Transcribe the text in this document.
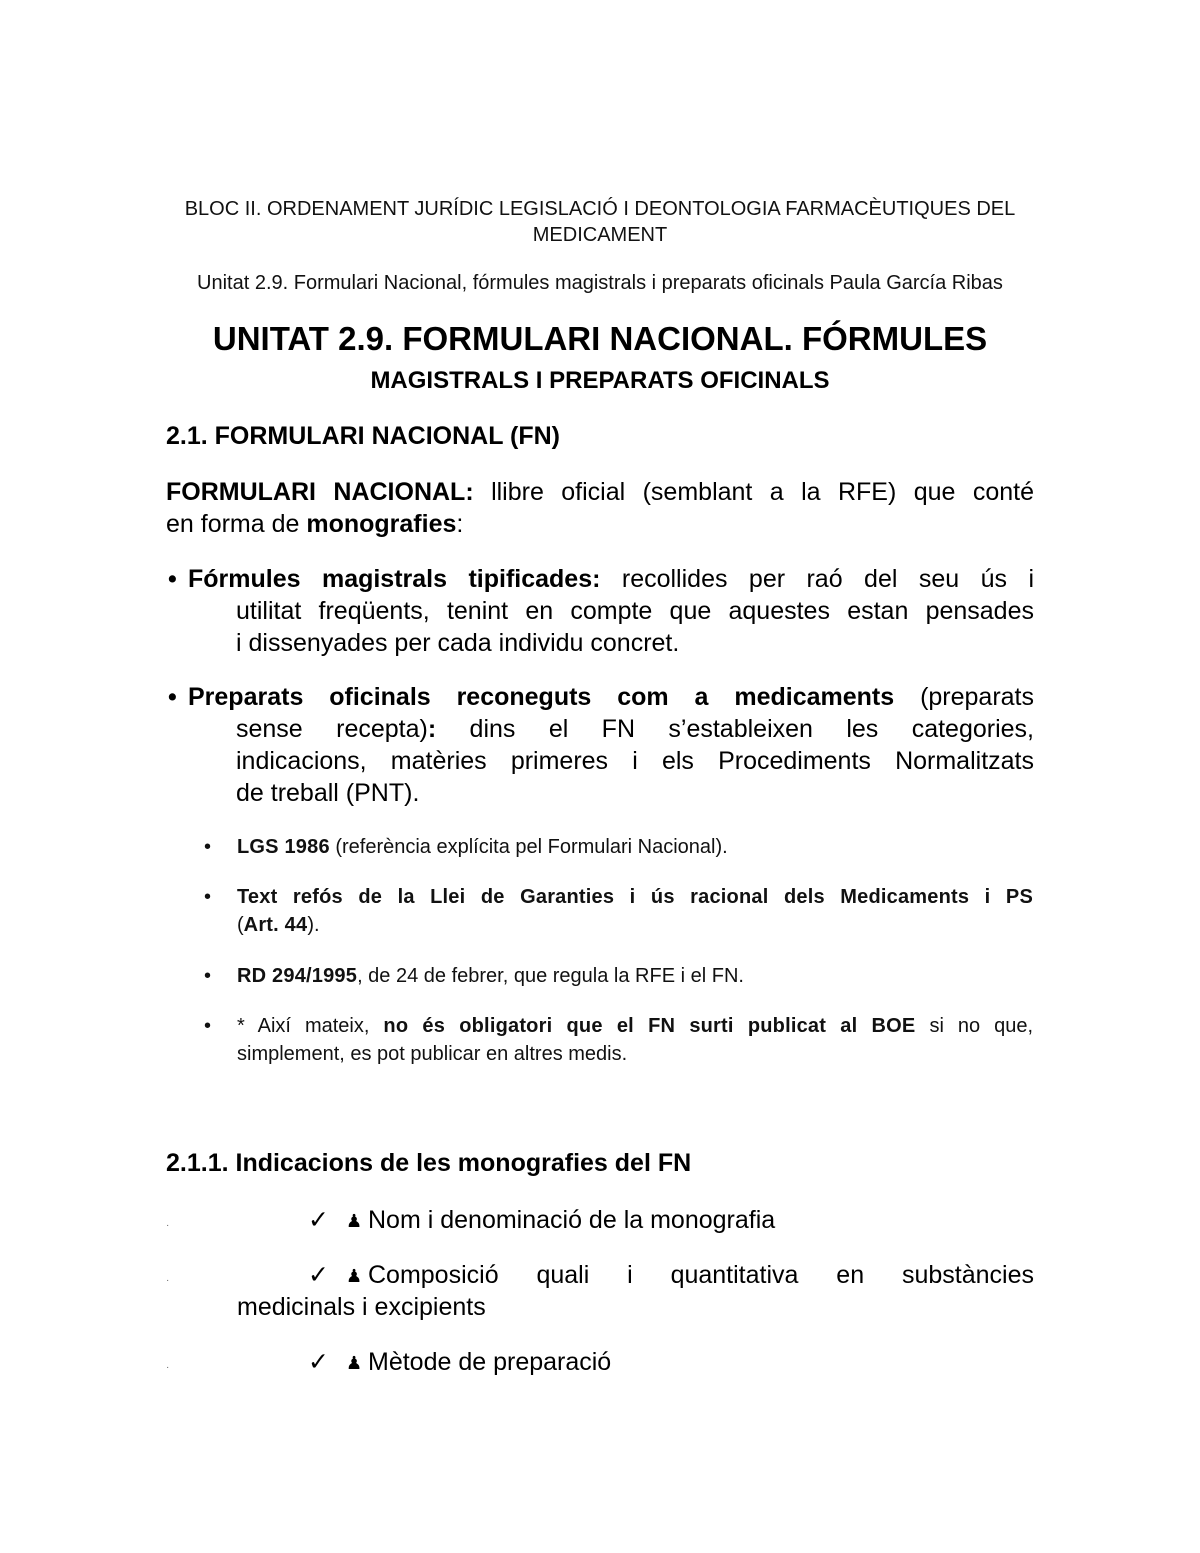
BLOC II. ORDENAMENT JURÍDIC LEGISLACIÓ I DEONTOLOGIA FARMACÈUTIQUES DEL
MEDICAMENT
Unitat 2.9. Formulari Nacional, fórmules magistrals i preparats oficinals Paula García Ribas
UNITAT 2.9. FORMULARI NACIONAL. FÓRMULES
MAGISTRALS I PREPARATS OFICINALS
2.1. FORMULARI NACIONAL (FN)
FORMULARI NACIONAL: llibre oficial (semblant a la RFE) que conté
en forma de monografies:
• Fórmules magistrals tipificades: recollides per raó del seu ús i
utilitat freqüents, tenint en compte que aquestes estan pensades
i dissenyades per cada individu concret.
• Preparats oficinals reconeguts com a medicaments (preparats
sense recepta): dins el FN s’estableixen les categories,
indicacions, matèries primeres i els Procediments Normalitzats
de treball (PNT).
• LGS 1986 (referència explícita pel Formulari Nacional).
• Text refós de la Llei de Garanties i ús racional dels Medicaments i PS
(Art. 44).
• RD 294/1995, de 24 de febrer, que regula la RFE i el FN.
• * Així mateix, no és obligatori que el FN surti publicat al BOE si no que,
simplement, es pot publicar en altres medis.
2.1.1. Indicacions de les monografies del FN
·	✓ ♟ Nom i denominació de la monografia
·	✓ ♟ Composició quali i quantitativa en substàncies
medicinals i excipients
·	✓ ♟ Mètode de preparació
